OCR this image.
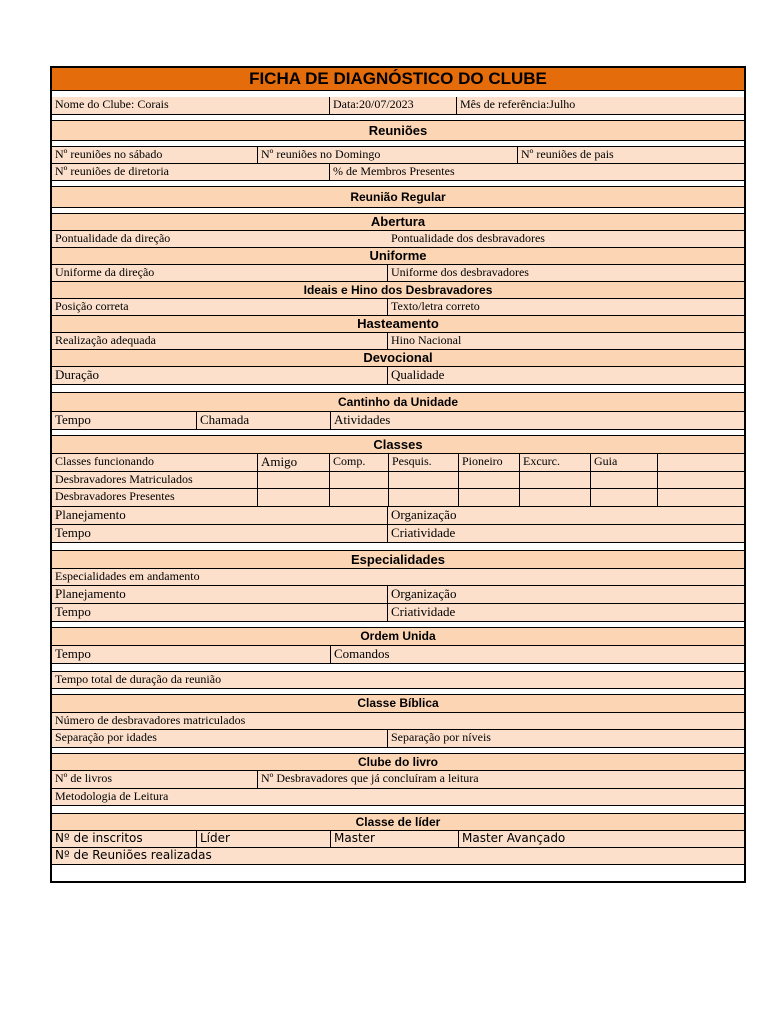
FICHA DE DIAGNÓSTICO DO CLUBE
Nome do Clube: Corais	Data:20/07/2023	Mês de referência:Julho
Reuniões
Nº reuniões no sábado	Nº reuniões no Domingo	Nº reuniões de pais
Nº reuniões de diretoria	% de Membros Presentes
Reunião Regular
Abertura
Pontualidade da direção	Pontualidade dos desbravadores
Uniforme
Uniforme da direção	Uniforme dos desbravadores
Ideais e Hino dos Desbravadores
Posição correta	Texto/letra correto
Hasteamento
Realização adequada	Hino Nacional
Devocional
Duração	Qualidade
Cantinho da Unidade
Tempo	Chamada	Atividades
Classes
Classes funcionando	Amigo	Comp.	Pesquis.	Pioneiro	Excurc.	Guia
Desbravadores Matriculados
Desbravadores Presentes
Planejamento	Organização
Tempo	Criatividade
Especialidades
Especialidades em andamento
Planejamento	Organização
Tempo	Criatividade
Ordem Unida
Tempo	Comandos
Tempo total de duração da reunião
Classe Bíblica
Número de desbravadores matriculados
Separação por idades	Separação por níveis
Clube do livro
Nº de livros	Nº Desbravadores que já concluíram a leitura
Metodologia de Leitura
Classe de líder
Nº de inscritos	Líder	Master	Master Avançado
Nº de Reuniões realizadas
